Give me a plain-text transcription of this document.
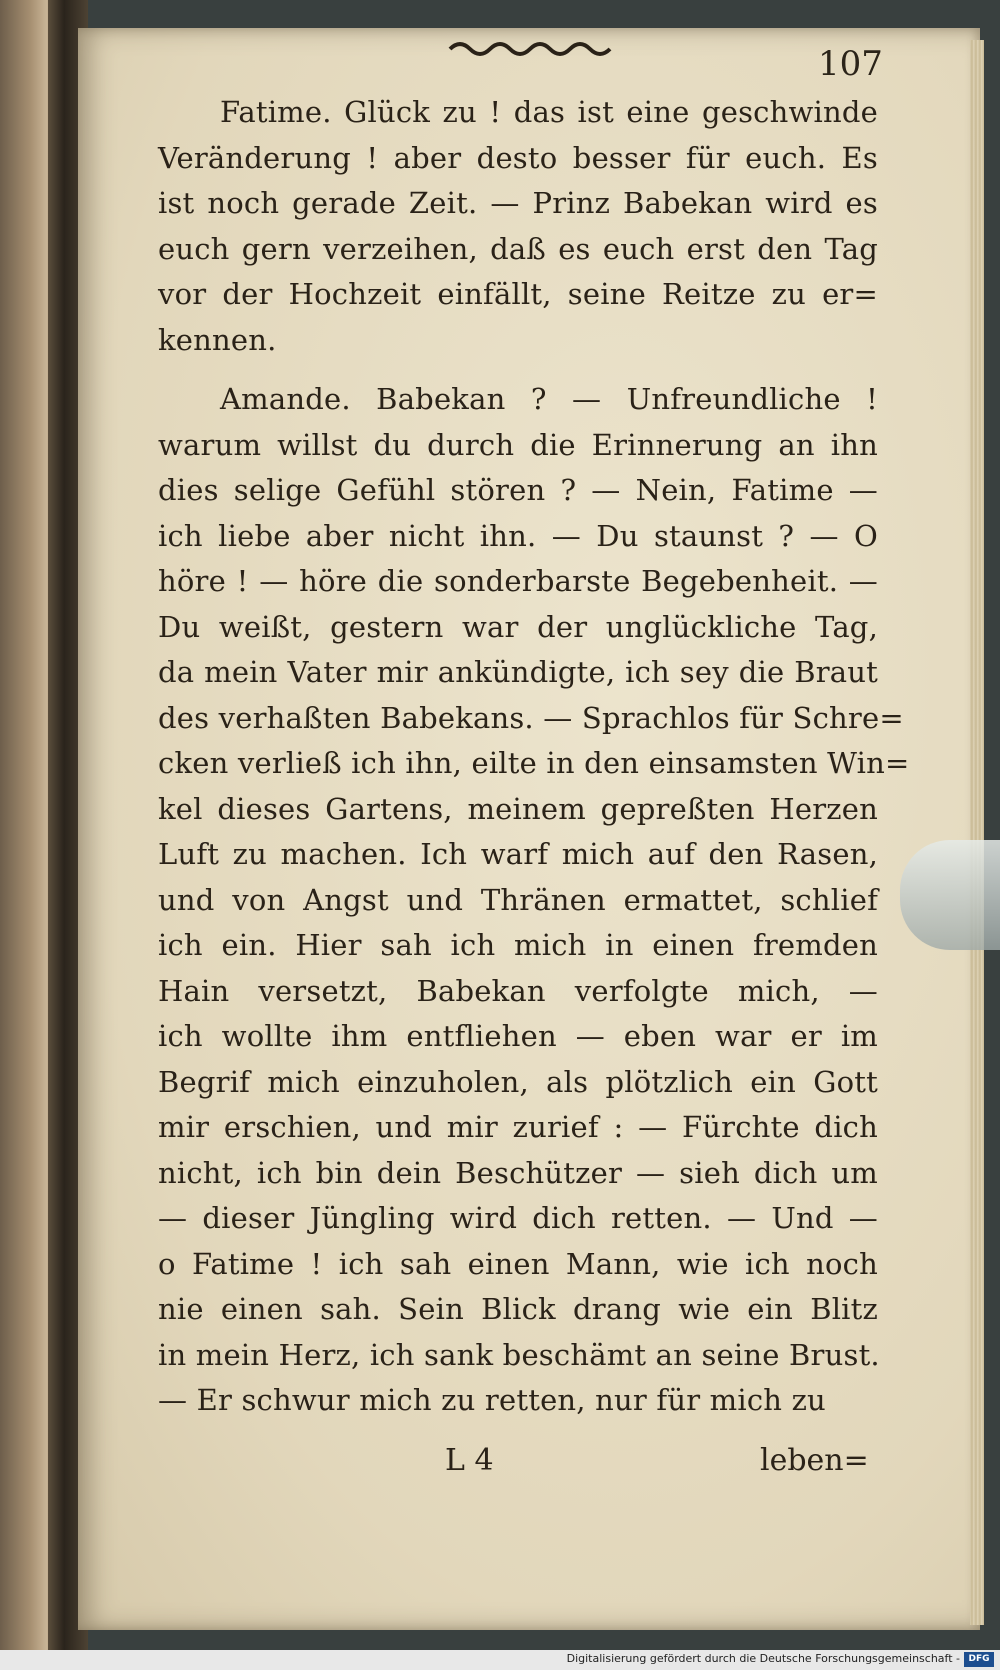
107
Fatime. Glück zu ! das ist eine geschwinde
Veränderung ! aber desto besser für euch. Es
ist noch gerade Zeit. — Prinz Babekan wird es
euch gern verzeihen, daß es euch erst den Tag
vor der Hochzeit einfällt, seine Reitze zu er=
kennen.
Amande. Babekan ? — Unfreundliche !
warum willst du durch die Erinnerung an ihn
dies selige Gefühl stören ? — Nein, Fatime —
ich liebe aber nicht ihn. — Du staunst ? — O
höre ! — höre die sonderbarste Begebenheit. —
Du weißt, gestern war der unglückliche Tag,
da mein Vater mir ankündigte, ich sey die Braut
des verhaßten Babekans. — Sprachlos für Schre=
cken verließ ich ihn, eilte in den einsamsten Win=
kel dieses Gartens, meinem gepreßten Herzen
Luft zu machen. Ich warf mich auf den Rasen,
und von Angst und Thränen ermattet, schlief
ich ein. Hier sah ich mich in einen fremden
Hain versetzt, Babekan verfolgte mich, —
ich wollte ihm entfliehen — eben war er im
Begrif mich einzuholen, als plötzlich ein Gott
mir erschien, und mir zurief : — Fürchte dich
nicht, ich bin dein Beschützer — sieh dich um
— dieser Jüngling wird dich retten. — Und —
o Fatime ! ich sah einen Mann, wie ich noch
nie einen sah. Sein Blick drang wie ein Blitz
in mein Herz, ich sank beschämt an seine Brust.
— Er schwur mich zu retten, nur für mich zu
L 4	leben=
Digitalisierung gefördert durch die Deutsche Forschungsgemeinschaft - DFG
